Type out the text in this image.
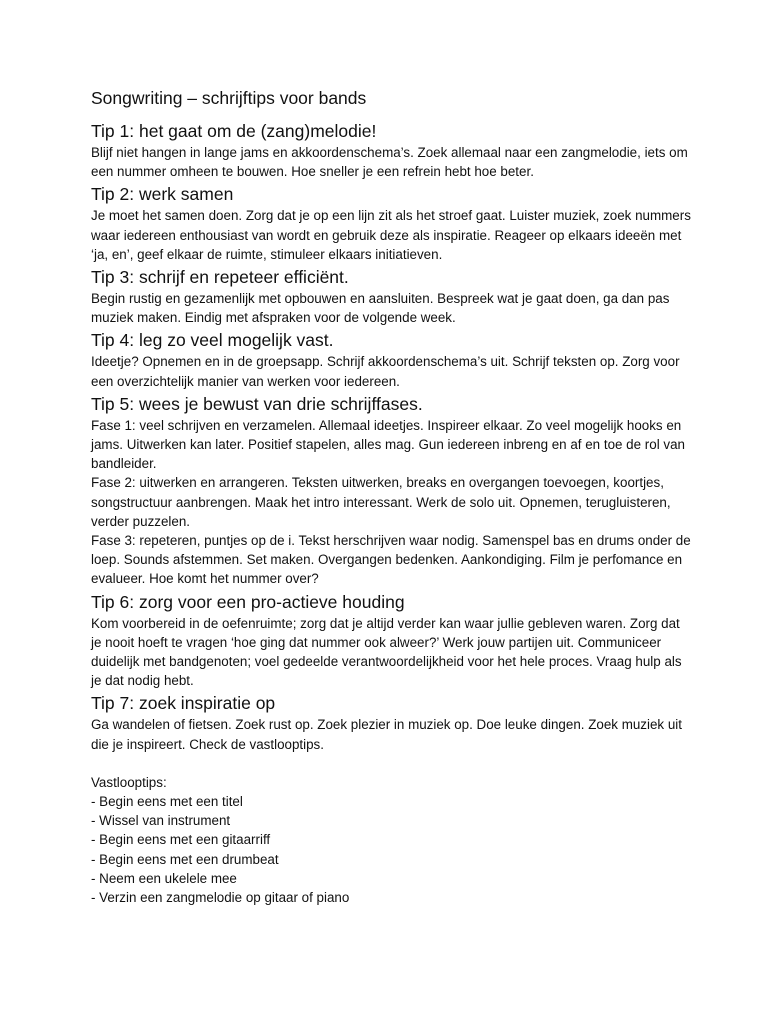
Songwriting – schrijftips voor bands
Tip 1: het gaat om de (zang)melodie!

Blijf niet hangen in lange jams en akkoordenschema’s. Zoek allemaal naar een zangmelodie, iets om een nummer omheen te bouwen. Hoe sneller je een refrein hebt hoe beter.

Tip 2: werk samen

Je moet het samen doen. Zorg dat je op een lijn zit als het stroef gaat. Luister muziek, zoek nummers waar iedereen enthousiast van wordt en gebruik deze als inspiratie. Reageer op elkaars ideeën met ‘ja, en’, geef elkaar de ruimte, stimuleer elkaars initiatieven.

Tip 3: schrijf en repeteer efficiënt.

Begin rustig en gezamenlijk met opbouwen en aansluiten. Bespreek wat je gaat doen, ga dan pas muziek maken. Eindig met afspraken voor de volgende week.

Tip 4: leg zo veel mogelijk vast.

Ideetje? Opnemen en in de groepsapp. Schrijf akkoordenschema’s uit. Schrijf teksten op. Zorg voor een overzichtelijk manier van werken voor iedereen.

Tip 5: wees je bewust van drie schrijffases.

Fase 1: veel schrijven en verzamelen. Allemaal ideetjes. Inspireer elkaar. Zo veel mogelijk hooks en jams. Uitwerken kan later. Positief stapelen, alles mag. Gun iedereen inbreng en af en toe de rol van bandleider.

Fase 2: uitwerken en arrangeren. Teksten uitwerken, breaks en overgangen toevoegen, koortjes, songstructuur aanbrengen. Maak het intro interessant. Werk de solo uit. Opnemen, terugluisteren, verder puzzelen.

Fase 3: repeteren, puntjes op de i. Tekst herschrijven waar nodig. Samenspel bas en drums onder de loep. Sounds afstemmen. Set maken. Overgangen bedenken. Aankondiging. Film je perfomance en evalueer. Hoe komt het nummer over?

Tip 6: zorg voor een pro-actieve houding

Kom voorbereid in de oefenruimte; zorg dat je altijd verder kan waar jullie gebleven waren. Zorg dat je nooit hoeft te vragen ‘hoe ging dat nummer ook alweer?’ Werk jouw partijen uit. Communiceer duidelijk met bandgenoten; voel gedeelde verantwoordelijkheid voor het hele proces. Vraag hulp als je dat nodig hebt.

Tip 7: zoek inspiratie op

Ga wandelen of fietsen. Zoek rust op. Zoek plezier in muziek op. Doe leuke dingen. Zoek muziek uit die je inspireert. Check de vastlooptips.

Vastlooptips:

- Begin eens met een titel
- Wissel van instrument
- Begin eens met een gitaarriff
- Begin eens met een drumbeat
- Neem een ukelele mee
- Verzin een zangmelodie op gitaar of piano
